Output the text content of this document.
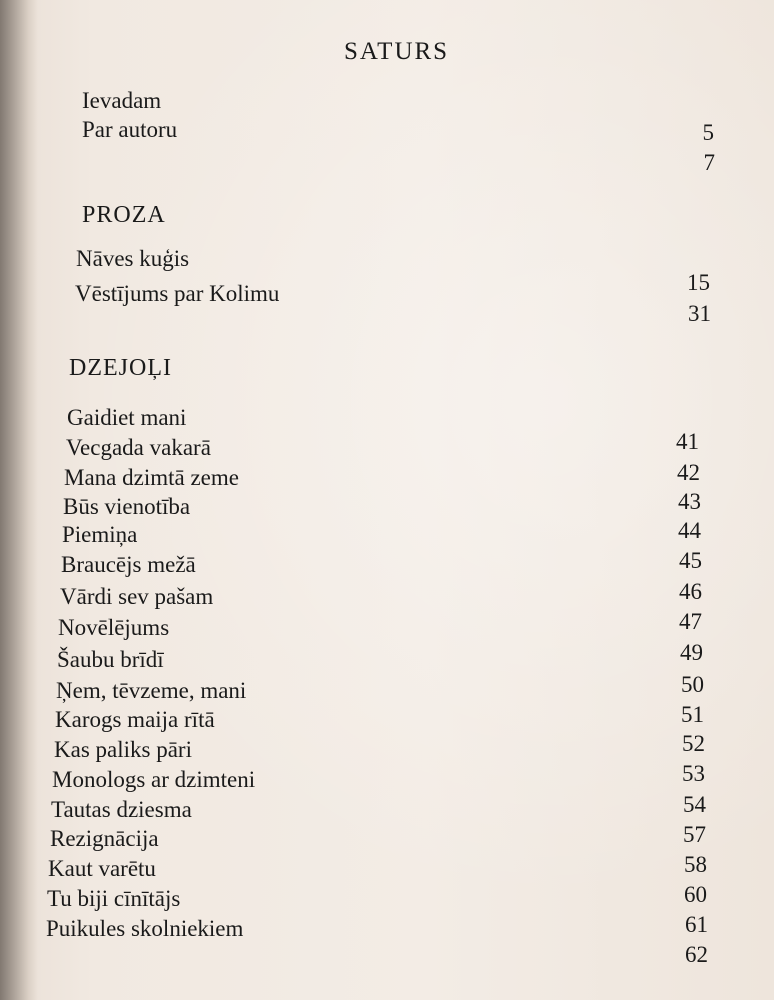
SATURS
Ievadam
Par autoru	5
7
PROZA
Nāves kuģis
Vēstījums par Kolimu	15
31
DZEJOĻI
Gaidiet mani
Vecgada vakarā
Mana dzimtā zeme
Būs vienotība
Piemiņa
Braucējs mežā
Vārdi sev pašam
Novēlējums
Šaubu brīdī
Ņem, tēvzeme, mani
Karogs maija rītā
Kas paliks pāri
Monologs ar dzimteni
Tautas dziesma
Rezignācija
Kaut varētu
Tu biji cīnītājs
Puikules skolniekiem
41
42
43
44
45
46
47
49
50
51
52
53
54
57
58
60
61
62
